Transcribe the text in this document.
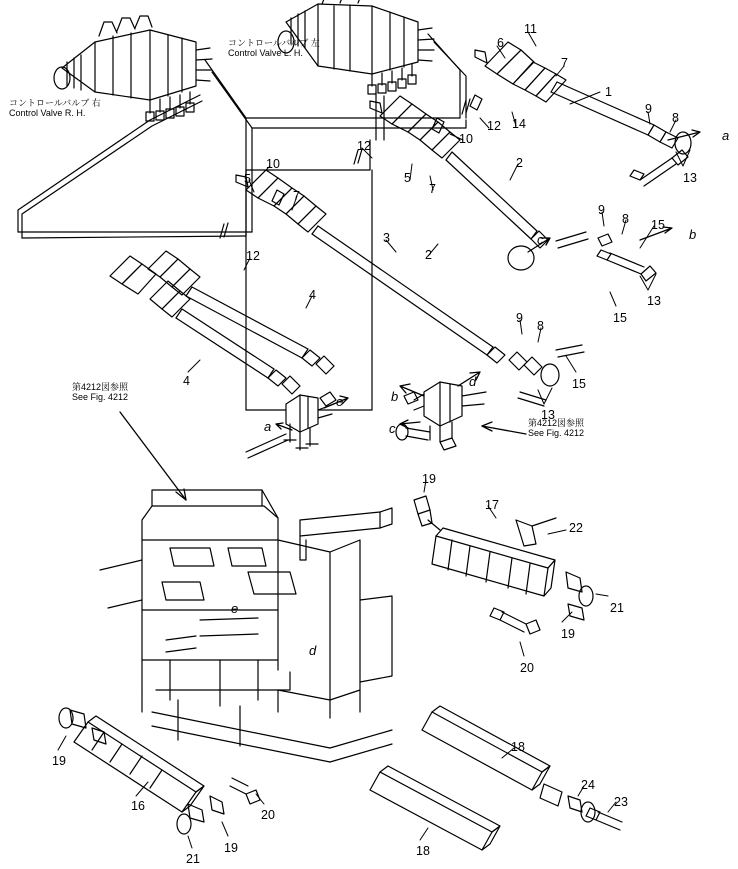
コントロールバルブ 左
Control Valve L. H.
コントロールバルブ 右
Control Valve R. H.
第4212図参照
See Fig. 4212
第4212図参照
See Fig. 4212
11
6
7
1
9
8
12 14
a
10
12
10
5
7
2
13
5
7
9
8 15
b
2
c
12
3
13
15
4
9
8
4	15
13
b
d
e
c
a
19
17
22
21
19
20
e
d
19
18
24
23
16
20
19
21
18
